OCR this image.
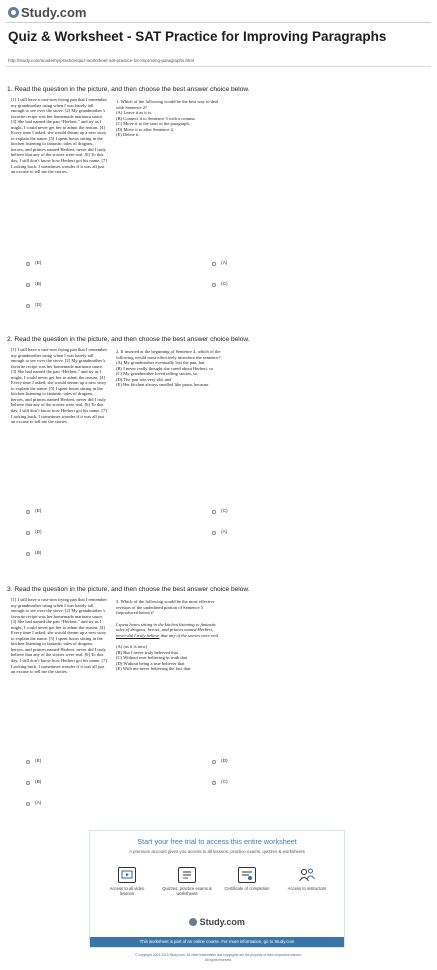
Study.com
Quiz & Worksheet - SAT Practice for Improving Paragraphs
http://study.com/academy/practice/quiz-worksheet-sat-practice-for-improving-paragraphs.html
1. Read the question in the picture, and then choose the best answer choice below.
[1] I still have a cast-iron frying pan that I remember my grandmother using when I was barely tall enough to see over the stove. [2] My grandmother’s favorite recipe was her homemade marinara sauce. [3] She had named the pan “Herbert,” and try as I might, I could never get her to admit the reason. [4] Every time I asked, she would dream up a new story to explain the name. [5] I spent hours sitting in the kitchen listening to fantastic tales of dragons, heroes, and princes named Herbert, never did I truly believe that any of the stories were real. [6] To this day, I still don’t know how Herbert got his name. [7] Looking back, I sometimes wonder if it was all just an excuse to tell me the stories.
1. Which of the following would be the best way to deal with Sentence 2?
(A) Leave it as it is.
(B) Connect it to Sentence 3 with a comma.
(C) Move it to the start of the paragraph.
(D) Move it to after Sentence 4.
(E) Delete it.
(E)	(A)
(B)	(C)
(D)
2. Read the question in the picture, and then choose the best answer choice below.
[1] I still have a cast-iron frying pan that I remember my grandmother using when I was barely tall enough to see over the stove. [2] My grandmother’s favorite recipe was her homemade marinara sauce. [3] She had named the pan “Herbert,” and try as I might, I could never get her to admit the reason. [4] Every time I asked, she would dream up a new story to explain the name. [5] I spent hours sitting in the kitchen listening to fantastic tales of dragons, heroes, and princes named Herbert, never did I truly believe that any of the stories were real. [6] To this day, I still don’t know how Herbert got his name. [7] Looking back, I sometimes wonder if it was all just an excuse to tell me the stories.
2. If inserted at the beginning of Sentence 4, which of the following would most effectively introduce the sentence?
(A) My grandmother eventually lost the pan, but
(B) I never really thought she cared about Herbert, so
(C) My grandmother loved telling stories, so
(D) The pan was very old, and
(E) Her kitchen always smelled like pasta, because
(E)	(C)
(D)	(A)
(B)
3. Read the question in the picture, and then choose the best answer choice below.
[1] I still have a cast-iron frying pan that I remember my grandmother using when I was barely tall enough to see over the stove. [2] My grandmother’s favorite recipe was her homemade marinara sauce. [3] She had named the pan “Herbert,” and try as I might, I could never get her to admit the reason. [4] Every time I asked, she would dream up a new story to explain the name. [5] I spent hours sitting in the kitchen listening to fantastic tales of dragons, heroes, and princes named Herbert, never did I truly believe that any of the stories were real. [6] To this day, I still don’t know how Herbert got his name. [7] Looking back, I sometimes wonder if it was all just an excuse to tell me the stories.
3. Which of the following would be the most effective revision of the underlined portion of Sentence 5 (reproduced below)?
I spent hours sitting in the kitchen listening to fantastic tales of dragons, heroes, and princes named Herbert, never did I truly believe that any of the stories were real.
(A) (as it is now)
(B) But I never truly believed that
(C) Without ever believing in truth that
(D) Without being a true believer that
(E) With me never believing the fact that
(E)	(D)
(B)	(C)
(A)
Start your free trial to access this entire worksheet
A premium account gives you access to all lessons, practice exams, quizzes & worksheets
Access to all video lessons
Quizzes, practice exams & worksheets
Certificate of completion	Access to instructors
Study.com
This worksheet is part of an online course. For more information, go to Study.com
© copyright 2003-2015 Study.com. All other trademarks and copyrights are the property of their respective owners.
All rights reserved.
